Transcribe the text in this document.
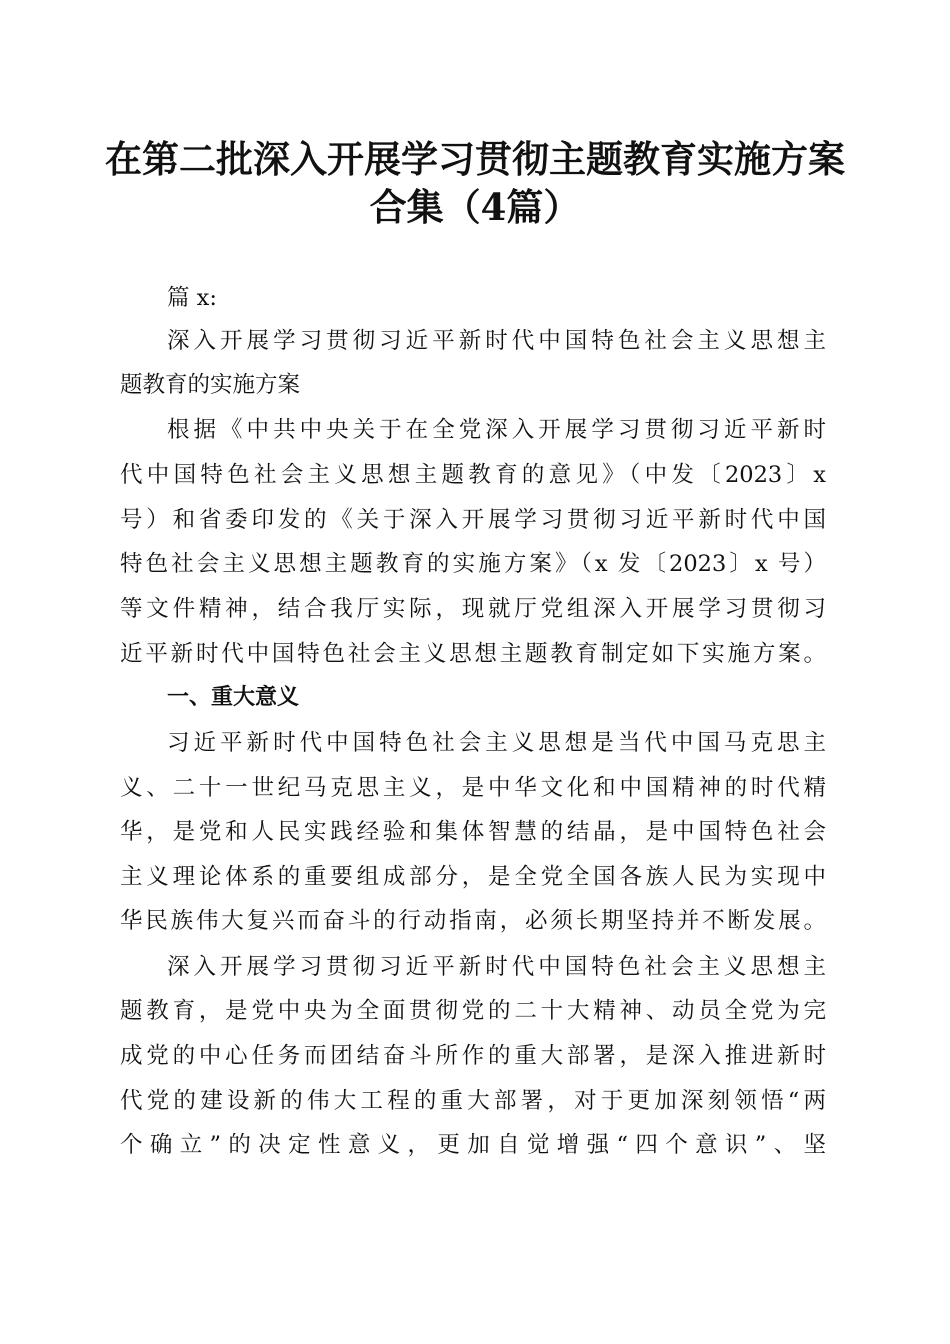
在第二批深入开展学习贯彻主题教育实施方案
合集（4篇）
篇 x:
深入开展学习贯彻习近平新时代中国特色社会主义思想主
题教育的实施方案
根据《中共中央关于在全党深入开展学习贯彻习近平新时
代中国特色社会主义思想主题教育的意见》（中发〔2023〕x
号）和省委印发的《关于深入开展学习贯彻习近平新时代中国
特色社会主义思想主题教育的实施方案》（x 发〔2023〕x 号）
等文件精神，结合我厅实际，现就厅党组深入开展学习贯彻习
近平新时代中国特色社会主义思想主题教育制定如下实施方案。
一、重大意义
习近平新时代中国特色社会主义思想是当代中国马克思主
义、二十一世纪马克思主义，是中华文化和中国精神的时代精
华，是党和人民实践经验和集体智慧的结晶，是中国特色社会
主义理论体系的重要组成部分，是全党全国各族人民为实现中
华民族伟大复兴而奋斗的行动指南，必须长期坚持并不断发展。
深入开展学习贯彻习近平新时代中国特色社会主义思想主
题教育，是党中央为全面贯彻党的二十大精神、动员全党为完
成党的中心任务而团结奋斗所作的重大部署，是深入推进新时
代党的建设新的伟大工程的重大部署，对于更加深刻领悟“两
个确立”的决定性意义，更加自觉增强“四个意识”、坚
